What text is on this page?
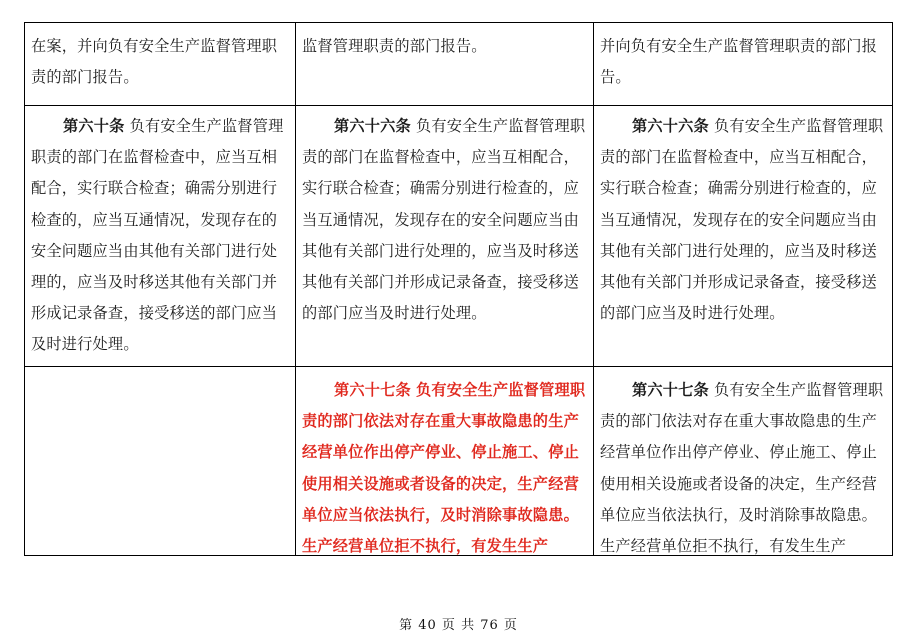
在案，并向负有安全生产监督管理职责的部门报告。	监督管理职责的部门报告。	并向负有安全生产监督管理职责的部门报告。
第六十条 负有安全生产监督管理职责的部门在监督检查中，应当互相配合，实行联合检查；确需分别进行检查的，应当互通情况，发现存在的安全问题应当由其他有关部门进行处理的，应当及时移送其他有关部门并形成记录备查，接受移送的部门应当及时进行处理。	第六十六条 负有安全生产监督管理职责的部门在监督检查中，应当互相配合，实行联合检查；确需分别进行检查的，应当互通情况，发现存在的安全问题应当由其他有关部门进行处理的，应当及时移送其他有关部门并形成记录备查，接受移送的部门应当及时进行处理。	第六十六条 负有安全生产监督管理职责的部门在监督检查中，应当互相配合，实行联合检查；确需分别进行检查的，应当互通情况，发现存在的安全问题应当由其他有关部门进行处理的，应当及时移送其他有关部门并形成记录备查，接受移送的部门应当及时进行处理。

	第六十七条 负有安全生产监督管理职责的部门依法对存在重大事故隐患的生产经营单位作出停产停业、停止施工、停止使用相关设施或者设备的决定，生产经营单位应当依法执行，及时消除事故隐患。生产经营单位拒不执行，有发生生产	第六十七条 负有安全生产监督管理职责的部门依法对存在重大事故隐患的生产经营单位作出停产停业、停止施工、停止使用相关设施或者设备的决定，生产经营单位应当依法执行，及时消除事故隐患。生产经营单位拒不执行，有发生生产
第 40 页 共 76 页
